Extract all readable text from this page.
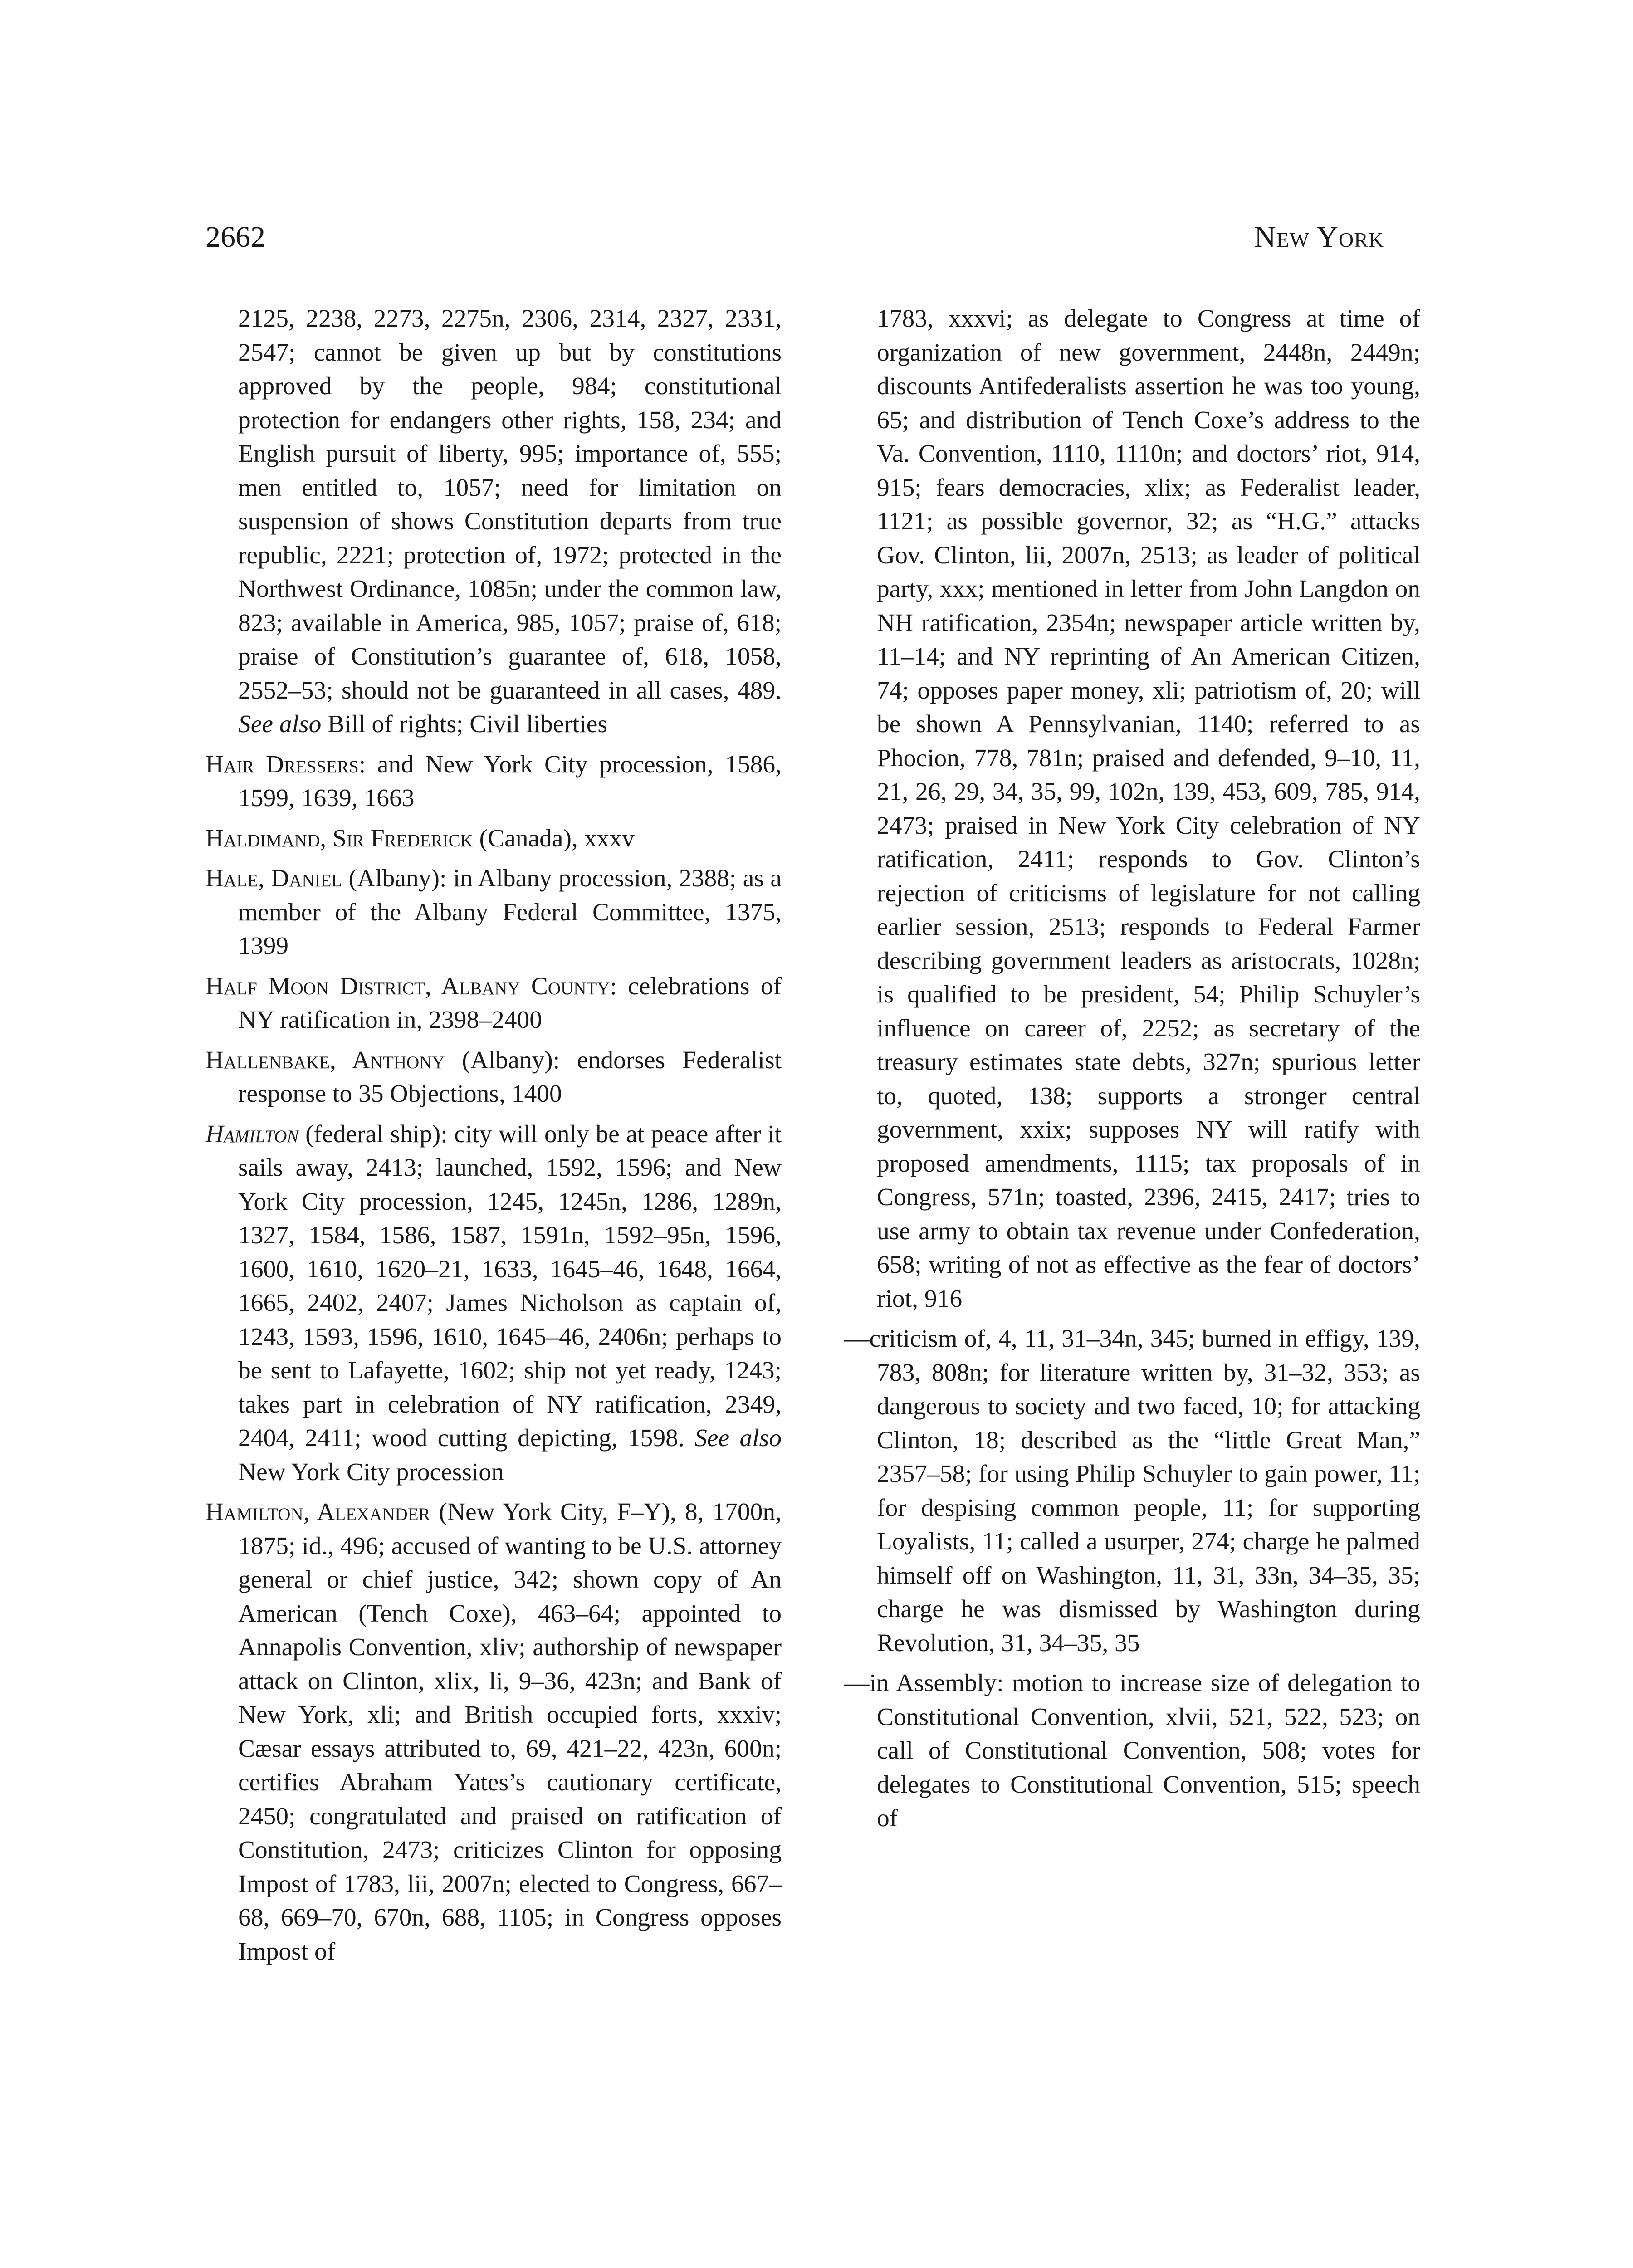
2662	New York

2125, 2238, 2273, 2275n, 2306, 2314, 2327, 2331, 2547; cannot be given up but by constitutions approved by the people, 984; constitutional protection for endangers other rights, 158, 234; and English pursuit of liberty, 995; importance of, 555; men entitled to, 1057; need for limitation on suspension of shows Constitution departs from true republic, 2221; protection of, 1972; protected in the Northwest Ordinance, 1085n; under the common law, 823; available in America, 985, 1057; praise of, 618; praise of Constitution’s guarantee of, 618, 1058, 2552–53; should not be guaranteed in all cases, 489. See also Bill of rights; Civil liberties

Hair Dressers: and New York City procession, 1586, 1599, 1639, 1663

Haldimand, Sir Frederick (Canada), xxxv

Hale, Daniel (Albany): in Albany procession, 2388; as a member of the Albany Federal Committee, 1375, 1399

Half Moon District, Albany County: celebrations of NY ratification in, 2398–2400

Hallenbake, Anthony (Albany): endorses Federalist response to 35 Objections, 1400

Hamilton (federal ship): city will only be at peace after it sails away, 2413; launched, 1592, 1596; and New York City procession, 1245, 1245n, 1286, 1289n, 1327, 1584, 1586, 1587, 1591n, 1592–95n, 1596, 1600, 1610, 1620–21, 1633, 1645–46, 1648, 1664, 1665, 2402, 2407; James Nicholson as captain of, 1243, 1593, 1596, 1610, 1645–46, 2406n; perhaps to be sent to Lafayette, 1602; ship not yet ready, 1243; takes part in celebration of NY ratification, 2349, 2404, 2411; wood cutting depicting, 1598. See also New York City procession

Hamilton, Alexander (New York City, F–Y), 8, 1700n, 1875; id., 496; accused of wanting to be U.S. attorney general or chief justice, 342; shown copy of An American (Tench Coxe), 463–64; appointed to Annapolis Convention, xliv; authorship of newspaper attack on Clinton, xlix, li, 9–36, 423n; and Bank of New York, xli; and British occupied forts, xxxiv; Cæsar essays attributed to, 69, 421–22, 423n, 600n; certifies Abraham Yates’s cautionary certificate, 2450; congratulated and praised on ratification of Constitution, 2473; criticizes Clinton for opposing Impost of 1783, lii, 2007n; elected to Congress, 667–68, 669–70, 670n, 688, 1105; in Congress opposes Impost of

1783, xxxvi; as delegate to Congress at time of organization of new government, 2448n, 2449n; discounts Antifederalists assertion he was too young, 65; and distribution of Tench Coxe’s address to the Va. Convention, 1110, 1110n; and doctors’ riot, 914, 915; fears democracies, xlix; as Federalist leader, 1121; as possible governor, 32; as “H.G.” attacks Gov. Clinton, lii, 2007n, 2513; as leader of political party, xxx; mentioned in letter from John Langdon on NH ratification, 2354n; newspaper article written by, 11–14; and NY reprinting of An American Citizen, 74; opposes paper money, xli; patriotism of, 20; will be shown A Pennsylvanian, 1140; referred to as Phocion, 778, 781n; praised and defended, 9–10, 11, 21, 26, 29, 34, 35, 99, 102n, 139, 453, 609, 785, 914, 2473; praised in New York City celebration of NY ratification, 2411; responds to Gov. Clinton’s rejection of criticisms of legislature for not calling earlier session, 2513; responds to Federal Farmer describing government leaders as aristocrats, 1028n; is qualified to be president, 54; Philip Schuyler’s influence on career of, 2252; as secretary of the treasury estimates state debts, 327n; spurious letter to, quoted, 138; supports a stronger central government, xxix; supposes NY will ratify with proposed amendments, 1115; tax proposals of in Congress, 571n; toasted, 2396, 2415, 2417; tries to use army to obtain tax revenue under Confederation, 658; writing of not as effective as the fear of doctors’ riot, 916

—criticism of, 4, 11, 31–34n, 345; burned in effigy, 139, 783, 808n; for literature written by, 31–32, 353; as dangerous to society and two faced, 10; for attacking Clinton, 18; described as the “little Great Man,” 2357–58; for using Philip Schuyler to gain power, 11; for despising common people, 11; for supporting Loyalists, 11; called a usurper, 274; charge he palmed himself off on Washington, 11, 31, 33n, 34–35, 35; charge he was dismissed by Washington during Revolution, 31, 34–35, 35

—in Assembly: motion to increase size of delegation to Constitutional Convention, xlvii, 521, 522, 523; on call of Constitutional Convention, 508; votes for delegates to Constitutional Convention, 515; speech of
